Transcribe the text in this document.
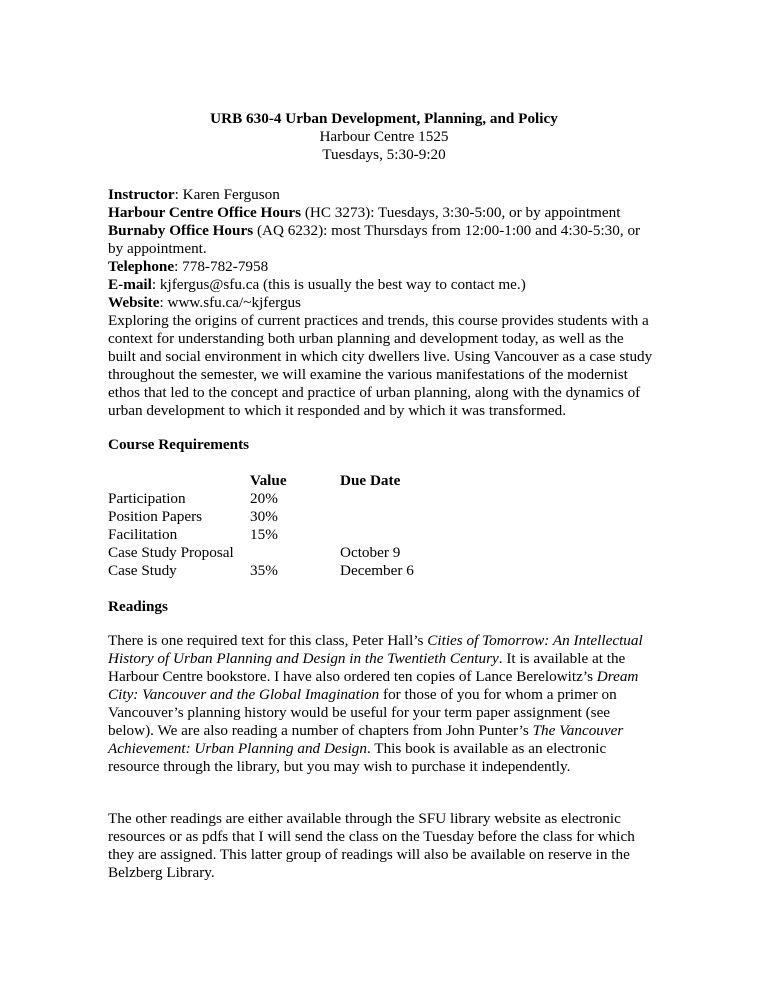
URB 630-4 Urban Development, Planning, and Policy
Harbour Centre 1525
Tuesdays, 5:30-9:20
Instructor: Karen Ferguson
Harbour Centre Office Hours (HC 3273): Tuesdays, 3:30-5:00, or by appointment
Burnaby Office Hours (AQ 6232): most Thursdays from 12:00-1:00 and 4:30-5:30, or
by appointment.
Telephone: 778-782-7958
E-mail: kjfergus@sfu.ca (this is usually the best way to contact me.)
Website: www.sfu.ca/~kjfergus
Exploring the origins of current practices and trends, this course provides students with a
context for understanding both urban planning and development today, as well as the
built and social environment in which city dwellers live. Using Vancouver as a case study
throughout the semester, we will examine the various manifestations of the modernist
ethos that led to the concept and practice of urban planning, along with the dynamics of
urban development to which it responded and by which it was transformed.
Course Requirements
	Value	Due Date
Participation	20%	
Position Papers	30%	
Facilitation	15%	
Case Study Proposal		October 9
Case Study	35%	December 6
Readings
There is one required text for this class, Peter Hall’s Cities of Tomorrow: An Intellectual
History of Urban Planning and Design in the Twentieth Century. It is available at the
Harbour Centre bookstore. I have also ordered ten copies of Lance Berelowitz’s Dream
City: Vancouver and the Global Imagination for those of you for whom a primer on
Vancouver’s planning history would be useful for your term paper assignment (see
below). We are also reading a number of chapters from John Punter’s The Vancouver
Achievement: Urban Planning and Design. This book is available as an electronic
resource through the library, but you may wish to purchase it independently.
The other readings are either available through the SFU library website as electronic
resources or as pdfs that I will send the class on the Tuesday before the class for which
they are assigned. This latter group of readings will also be available on reserve in the
Belzberg Library.
